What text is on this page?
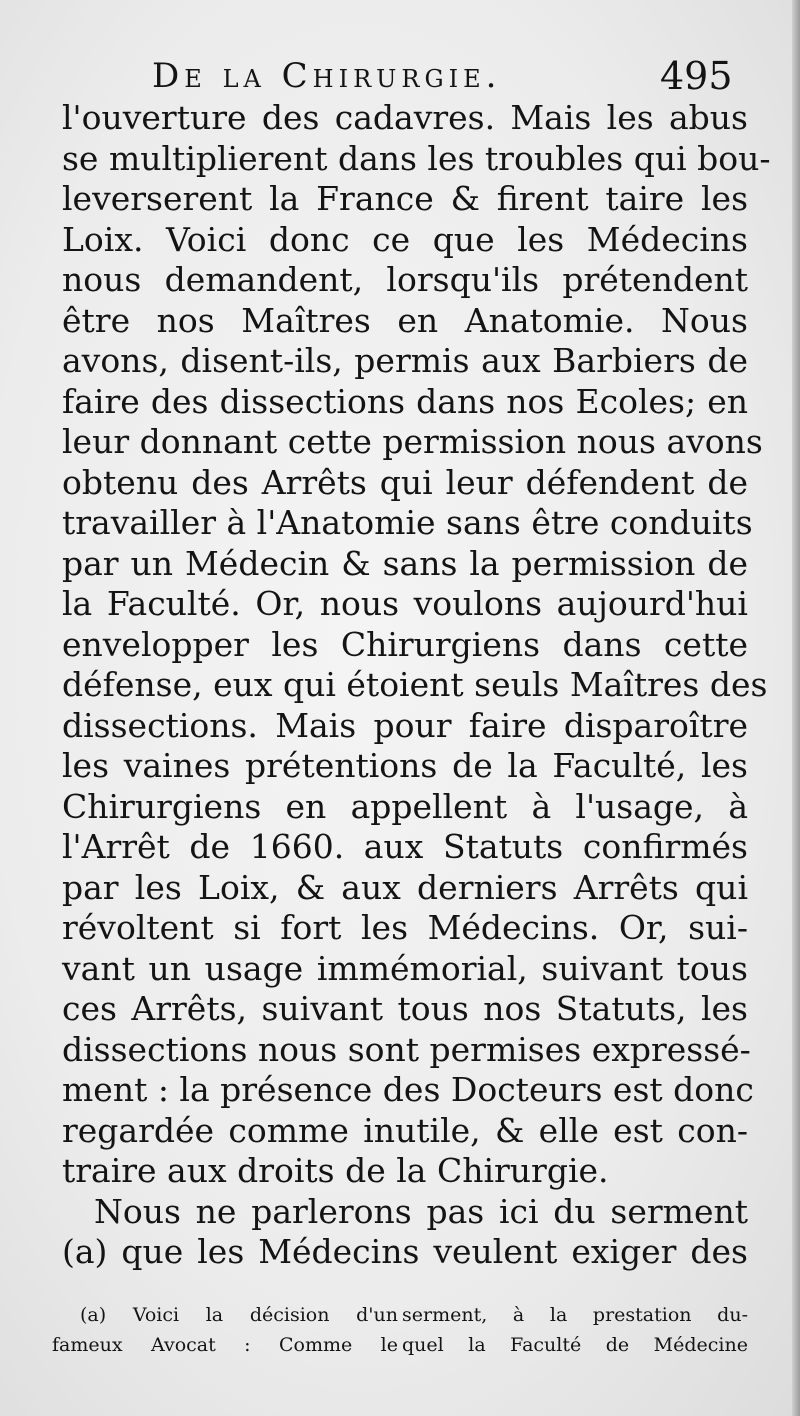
De la Chirurgie.	495
l'ouverture des cadavres. Mais les abus
se multiplierent dans les troubles qui bou-
leverserent la France & firent taire les
Loix. Voici donc ce que les Médecins
nous demandent, lorsqu'ils prétendent
être nos Maîtres en Anatomie. Nous
avons, disent-ils, permis aux Barbiers de
faire des dissections dans nos Ecoles; en
leur donnant cette permission nous avons
obtenu des Arrêts qui leur défendent de
travailler à l'Anatomie sans être conduits
par un Médecin & sans la permission de
la Faculté. Or, nous voulons aujourd'hui
envelopper les Chirurgiens dans cette
défense, eux qui étoient seuls Maîtres des
dissections. Mais pour faire disparoître
les vaines prétentions de la Faculté, les
Chirurgiens en appellent à l'usage, à
l'Arrêt de 1660. aux Statuts confirmés
par les Loix, & aux derniers Arrêts qui
révoltent si fort les Médecins. Or, sui-
vant un usage immémorial, suivant tous
ces Arrêts, suivant tous nos Statuts, les
dissections nous sont permises expressé-
ment : la présence des Docteurs est donc
regardée comme inutile, & elle est con-
traire aux droits de la Chirurgie.
Nous ne parlerons pas ici du serment
(a) que les Médecins veulent exiger des
(a) Voici la décision d'un
fameux Avocat : Comme le
serment, à la prestation du-
quel la Faculté de Médecine
